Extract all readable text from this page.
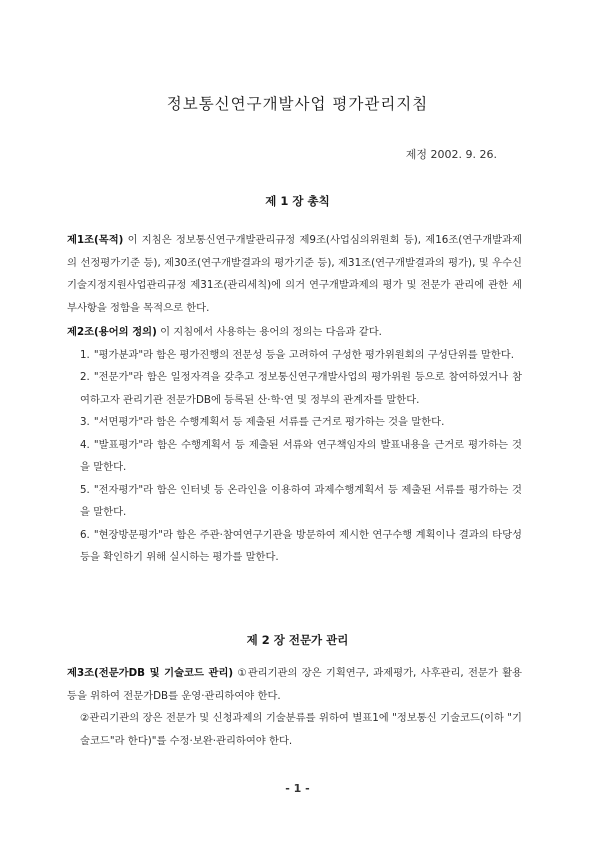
정보통신연구개발사업 평가관리지침
제정 2002. 9. 26.
제 1 장 총칙
제1조(목적) 이 지침은 정보통신연구개발관리규정 제9조(사업심의위원회 등), 제16조(연구개발과제의 선정평가기준 등), 제30조(연구개발결과의 평가기준 등), 제31조(연구개발결과의 평가), 및 우수신기술지정지원사업관리규정 제31조(관리세칙)에 의거 연구개발과제의 평가 및 전문가 관리에 관한 세부사항을 정함을 목적으로 한다.
제2조(용어의 정의) 이 지침에서 사용하는 용어의 정의는 다음과 같다.
1. "평가분과"라 함은 평가진행의 전문성 등을 고려하여 구성한 평가위원회의 구성단위를 말한다.
2. "전문가"라 함은 일정자격을 갖추고 정보통신연구개발사업의 평가위원 등으로 참여하였거나 참여하고자 관리기관 전문가DB에 등록된 산·학·연 및 정부의 관계자를 말한다.
3. "서면평가"라 함은 수행계획서 등 제출된 서류를 근거로 평가하는 것을 말한다.
4. "발표평가"라 함은 수행계획서 등 제출된 서류와 연구책임자의 발표내용을 근거로 평가하는 것을 말한다.
5. "전자평가"라 함은 인터넷 등 온라인을 이용하여 과제수행계획서 등 제출된 서류를 평가하는 것을 말한다.
6. "현장방문평가"라 함은 주관·참여연구기관을 방문하여 제시한 연구수행 계획이나 결과의 타당성 등을 확인하기 위해 실시하는 평가를 말한다.
제 2 장 전문가 관리
제3조(전문가DB 및 기술코드 관리) ①관리기관의 장은 기획연구, 과제평가, 사후관리, 전문가 활용 등을 위하여 전문가DB를 운영·관리하여야 한다.
②관리기관의 장은 전문가 및 신청과제의 기술분류를 위하여 별표1에 "정보통신 기술코드(이하 "기술코드"라 한다)"를 수정·보완·관리하여야 한다.
- 1 -
